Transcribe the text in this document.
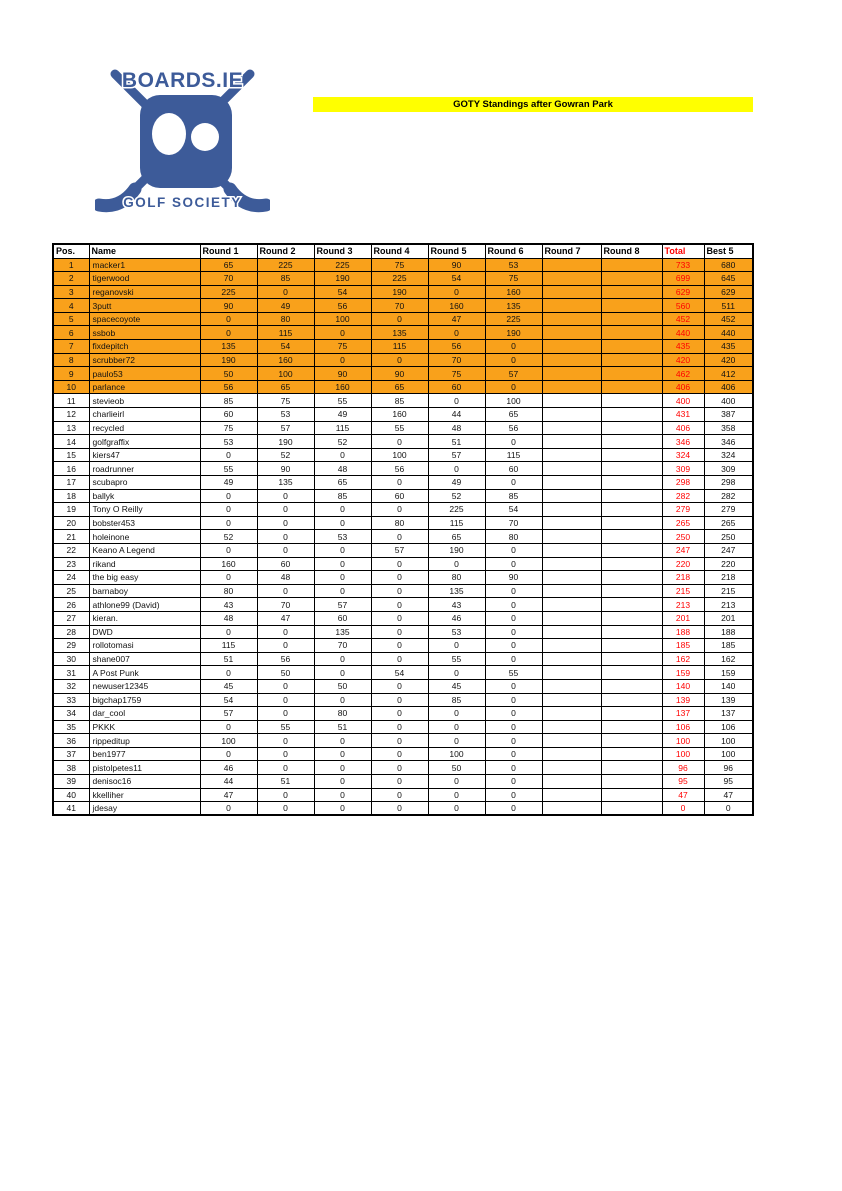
BOARDS.IE
GOLF SOCIETY
GOTY Standings after Gowran Park
Pos.	Name	Round 1	Round 2	Round 3	Round 4	Round 5	Round 6	Round 7	Round 8	Total	Best 5
1	macker1	65	225	225	75	90	53			733	680
2	tigerwood	70	85	190	225	54	75			699	645
3	reganovski	225	0	54	190	0	160			629	629
4	3putt	90	49	56	70	160	135			560	511
5	spacecoyote	0	80	100	0	47	225			452	452
6	ssbob	0	115	0	135	0	190			440	440
7	fixdepitch	135	54	75	115	56	0			435	435
8	scrubber72	190	160	0	0	70	0			420	420
9	paulo53	50	100	90	90	75	57			462	412
10	parlance	56	65	160	65	60	0			406	406
11	stevieob	85	75	55	85	0	100			400	400
12	charlieirl	60	53	49	160	44	65			431	387
13	recycled	75	57	115	55	48	56			406	358
14	golfgraffix	53	190	52	0	51	0			346	346
15	kiers47	0	52	0	100	57	115			324	324
16	roadrunner	55	90	48	56	0	60			309	309
17	scubapro	49	135	65	0	49	0			298	298
18	ballyk	0	0	85	60	52	85			282	282
19	Tony O Reilly	0	0	0	0	225	54			279	279
20	bobster453	0	0	0	80	115	70			265	265
21	holeinone	52	0	53	0	65	80			250	250
22	Keano A Legend	0	0	0	57	190	0			247	247
23	rikand	160	60	0	0	0	0			220	220
24	the big easy	0	48	0	0	80	90			218	218
25	barnaboy	80	0	0	0	135	0			215	215
26	athlone99 (David)	43	70	57	0	43	0			213	213
27	kieran.	48	47	60	0	46	0			201	201
28	DWD	0	0	135	0	53	0			188	188
29	rollotomasi	115	0	70	0	0	0			185	185
30	shane007	51	56	0	0	55	0			162	162
31	A Post Punk	0	50	0	54	0	55			159	159
32	newuser12345	45	0	50	0	45	0			140	140
33	bigchap1759	54	0	0	0	85	0			139	139
34	dar_cool	57	0	80	0	0	0			137	137
35	PKKK	0	55	51	0	0	0			106	106
36	rippeditup	100	0	0	0	0	0			100	100
37	ben1977	0	0	0	0	100	0			100	100
38	pistolpetes11	46	0	0	0	50	0			96	96
39	denisoc16	44	51	0	0	0	0			95	95
40	kkelliher	47	0	0	0	0	0			47	47
41	jdesay	0	0	0	0	0	0			0	0
